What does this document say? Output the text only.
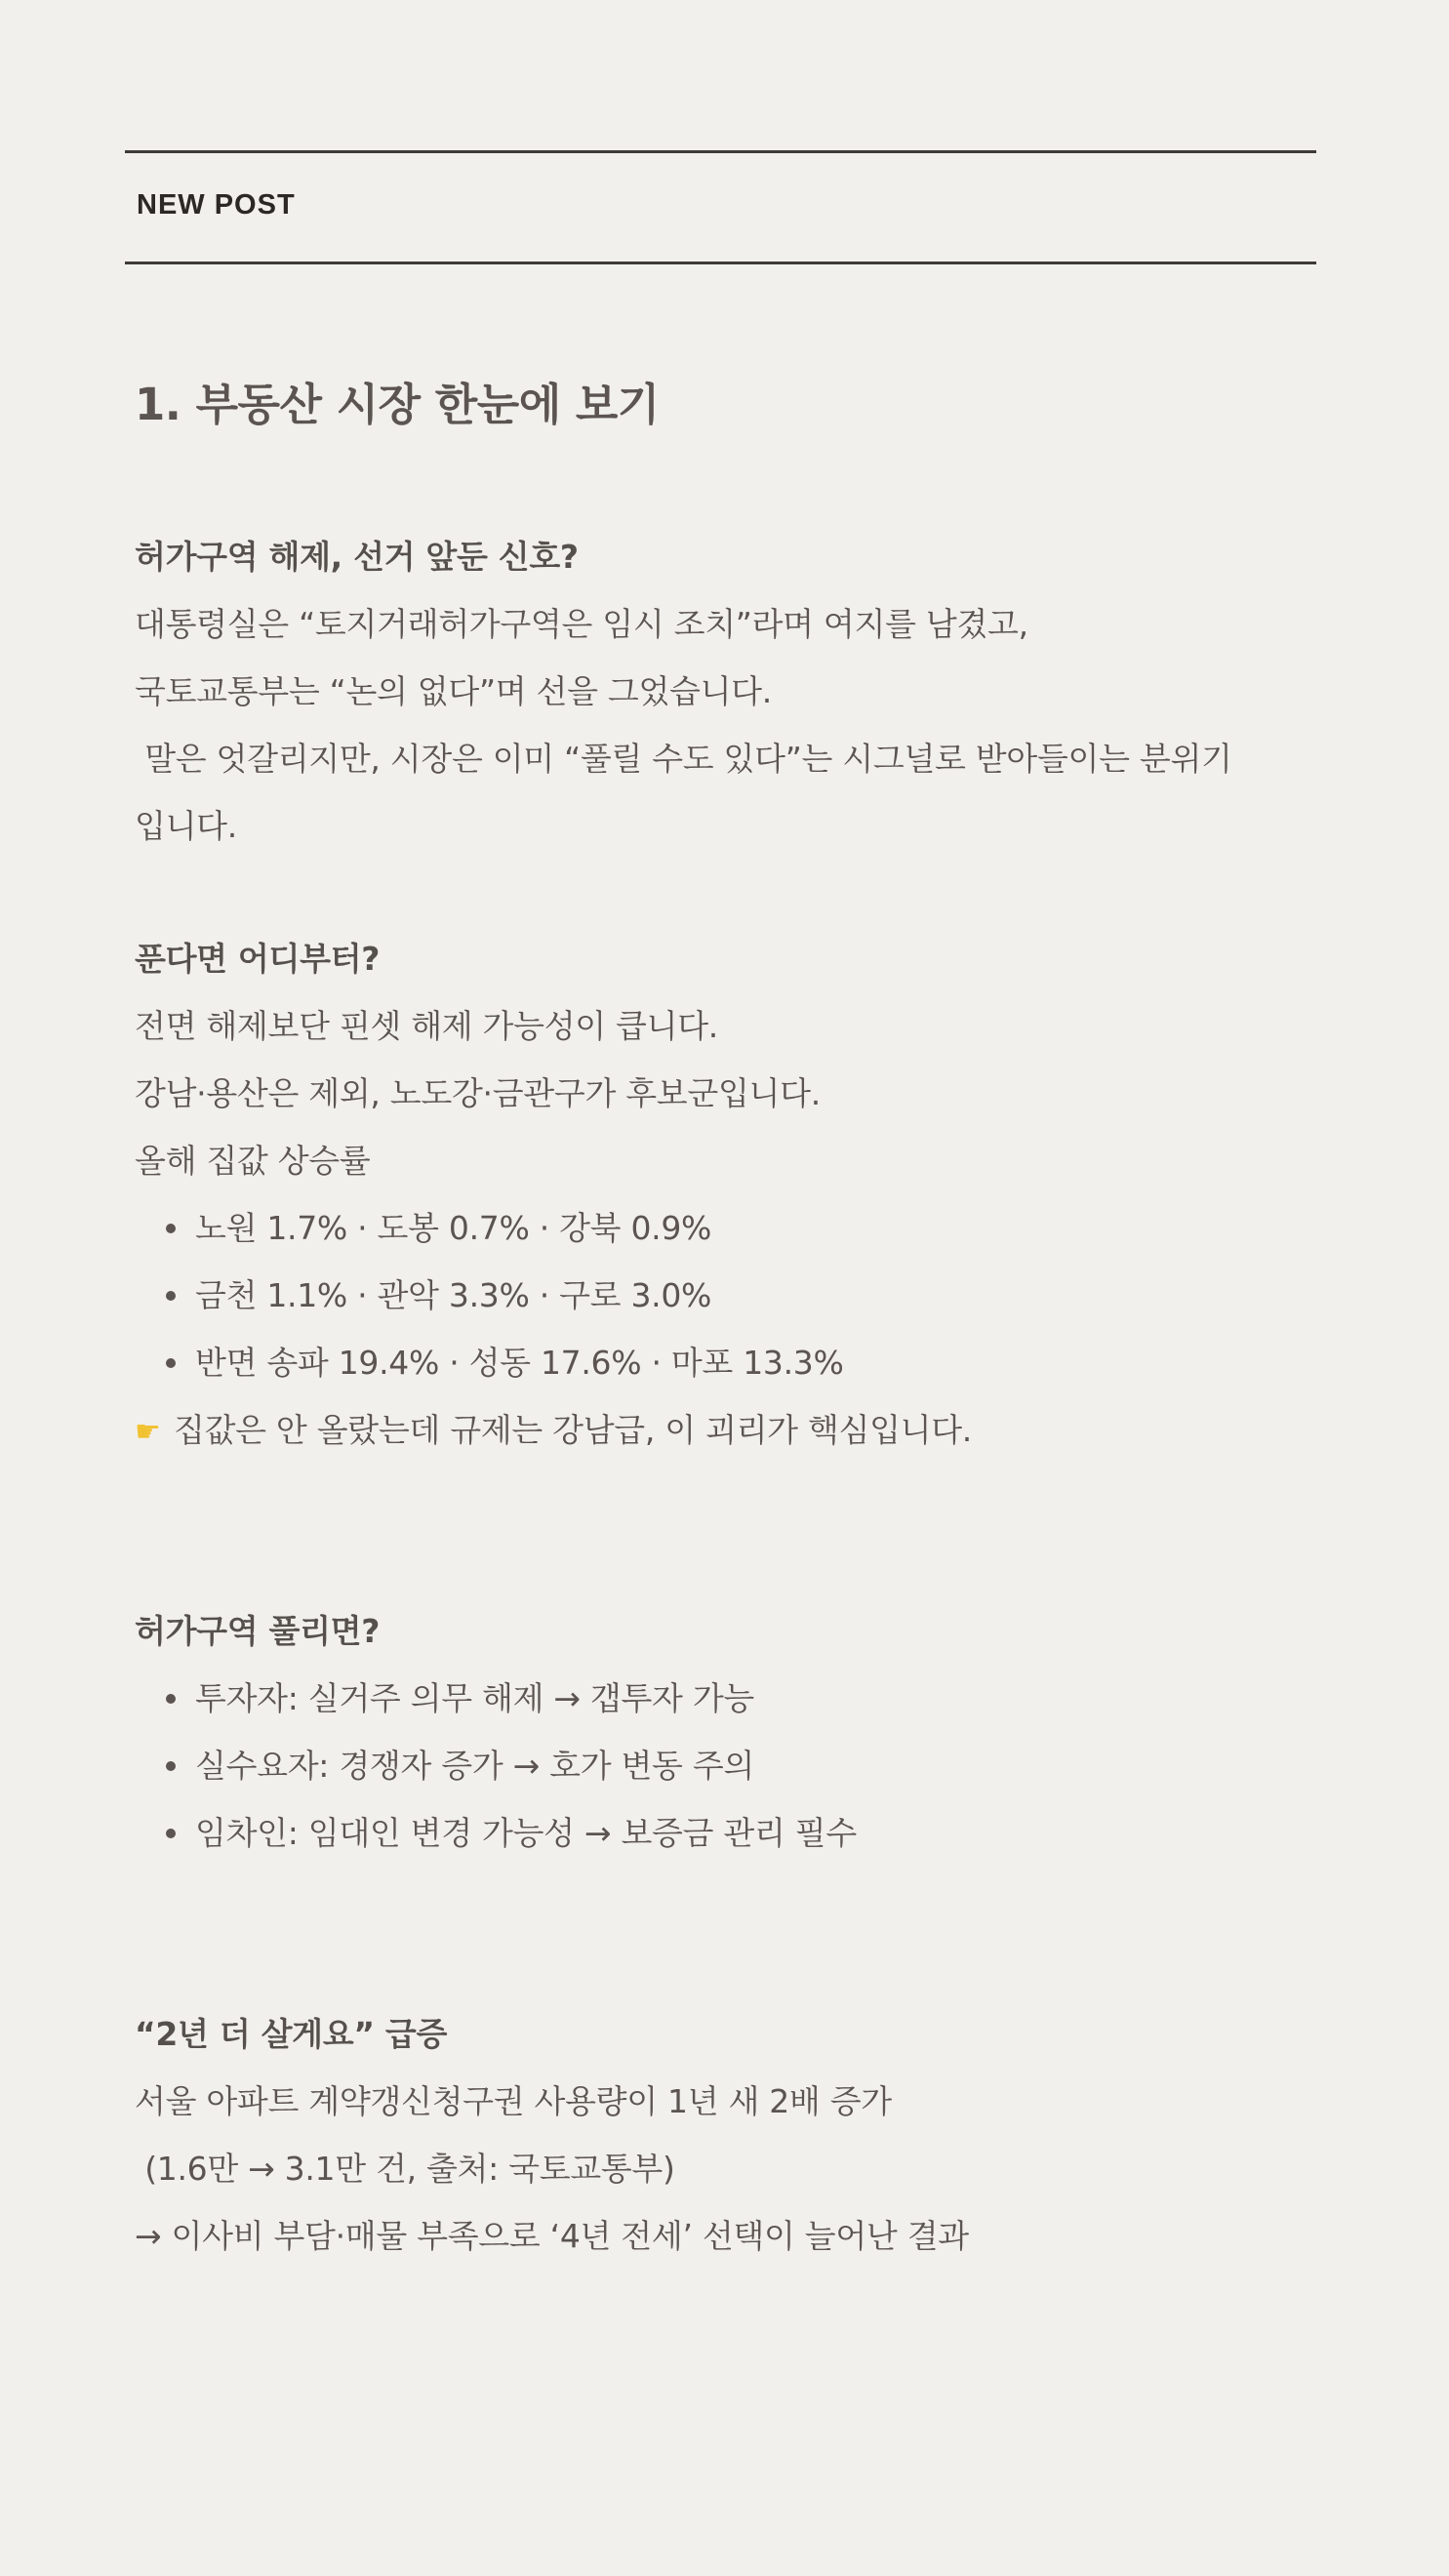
NEW POST
1. 부동산 시장 한눈에 보기
허가구역 해제, 선거 앞둔 신호?
대통령실은 “토지거래허가구역은 임시 조치”라며 여지를 남겼고,
국토교통부는 “논의 없다”며 선을 그었습니다.
말은 엇갈리지만, 시장은 이미 “풀릴 수도 있다”는 시그널로 받아들이는 분위기
입니다.
푼다면 어디부터?
전면 해제보단 핀셋 해제 가능성이 큽니다.
강남·용산은 제외, 노도강·금관구가 후보군입니다.
올해 집값 상승률
노원 1.7% · 도봉 0.7% · 강북 0.9%
금천 1.1% · 관악 3.3% · 구로 3.0%
반면 송파 19.4% · 성동 17.6% · 마포 13.3%
☛ 집값은 안 올랐는데 규제는 강남급, 이 괴리가 핵심입니다.
허가구역 풀리면?
투자자: 실거주 의무 해제 → 갭투자 가능
실수요자: 경쟁자 증가 → 호가 변동 주의
임차인: 임대인 변경 가능성 → 보증금 관리 필수
“2년 더 살게요” 급증
서울 아파트 계약갱신청구권 사용량이 1년 새 2배 증가
(1.6만 → 3.1만 건, 출처: 국토교통부)
→ 이사비 부담·매물 부족으로 ‘4년 전세’ 선택이 늘어난 결과
